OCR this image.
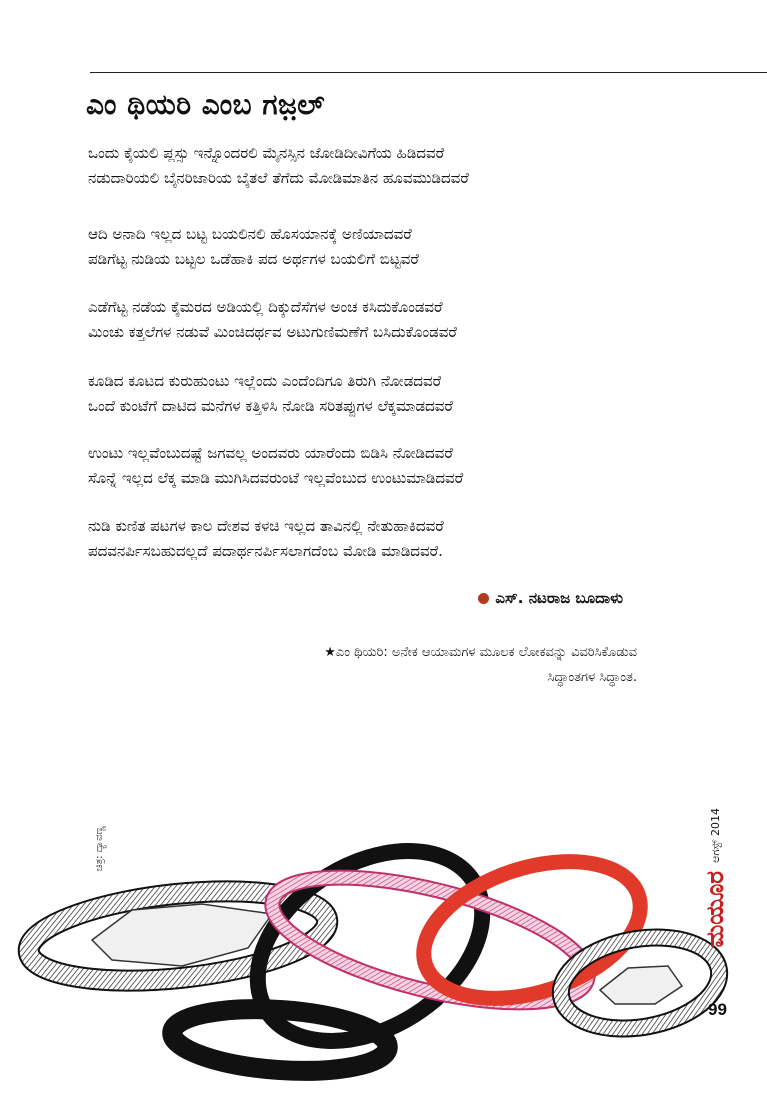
ಎಂ ಥಿಯರಿ ಎಂಬ ಗಜ಼ಲ್
ಒಂದು ಕೈಯಲಿ ಪ್ಲಸ್ಸು ಇನ್ನೊಂದರಲಿ ಮೈನಸ್ಸಿನ ಜೋಡಿದೀವಿಗೆಯ ಹಿಡಿದವರೆ
ನಡುದಾರಿಯಲಿ ಬೈನರಿಜಾರಿಯ ಬೈತಲೆ ತೆಗೆದು ಮೋಡಿಮಾತಿನ ಹೂವಮುಡಿದವರೆ
ಆದಿ ಅನಾದಿ ಇಲ್ಲದ ಬಟ್ಟ ಬಯಲಿನಲಿ ಹೊಸಯಾನಕ್ಕೆ ಅಣಿಯಾದವರೆ
ಪಡಿಗೆಟ್ಟ ನುಡಿಯ ಬಟ್ಟಲ ಒಡೆಹಾಕಿ ಪದ ಅರ್ಥಗಳ ಬಯಲಿಗೆ ಬಿಟ್ಟವರೆ
ಎಡೆಗೆಟ್ಟ ನಡೆಯ ಕೈಮರದ ಅಡಿಯಲ್ಲಿ ದಿಕ್ಕುದೆಸೆಗಳ ಅಂಚ ಕಸಿದುಕೊಂಡವರೆ
ಮಿಂಚು ಕತ್ತಲೆಗಳ ನಡುವೆ ಮಿಂಚಿದರ್ಥವ ಅಟುಗುಣಿಮಣೆಗೆ ಬಸಿದುಕೊಂಡವರೆ
ಕೂಡಿದ ಕೂಟದ ಕುರುಹುಂಟು ಇಲ್ಲೆಂದು ಎಂದೆಂದಿಗೂ ತಿರುಗಿ ನೋಡದವರೆ
ಒಂದೆ ಕುಂಟೆಗೆ ದಾಟಿದ ಮನೆಗಳ ಕತ್ತಿಳಿಸಿ ನೋಡಿ ಸರಿತಪ್ಪುಗಳ ಲೆಕ್ಕಮಾಡದವರೆ
ಉಂಟು ಇಲ್ಲವೆಂಬುದಷ್ಟೆ ಜಗವಲ್ಲ ಅಂದವರು ಯಾರೆಂದು ಬಿಡಿಸಿ ನೋಡಿದವರೆ
ಸೊನ್ನೆ ಇಲ್ಲದ ಲೆಕ್ಕ ಮಾಡಿ ಮುಗಿಸಿದವರುಂಟೆ ಇಲ್ಲವೆಂಬುದ ಉಂಟುಮಾಡಿದವರೆ
ನುಡಿ ಕುಣಿತ ಪಟಗಳ ಕಾಲ ದೇಶವ ಕಳಚಿ ಇಲ್ಲದ ತಾವಿನಲ್ಲಿ ನೇತುಹಾಕಿದವರೆ
ಪದವನರ್ಪಿಸಬಹುದಲ್ಲದೆ ಪದಾರ್ಥನರ್ಪಿಸಲಾಗದೆಂಬ ಮೋಡಿ ಮಾಡಿದವರೆ.
ಎಸ್. ನಟರಾಜ ಬೂದಾಳು
★ಎಂ ಥಿಯರಿ: ಅನೇಕ ಆಯಾಮಗಳ ಮೂಲಕ ಲೋಕವನ್ನು ವಿವರಿಸಿಕೊಡುವ
ಸಿದ್ಧಾಂತಗಳ ಸಿದ್ಧಾಂತ.
ಚಿತ್ರ: ದ್ಯಾವಣ್ಣ	ಆಗಸ್ಟ್ 2014
ಮಯೂರ
99
